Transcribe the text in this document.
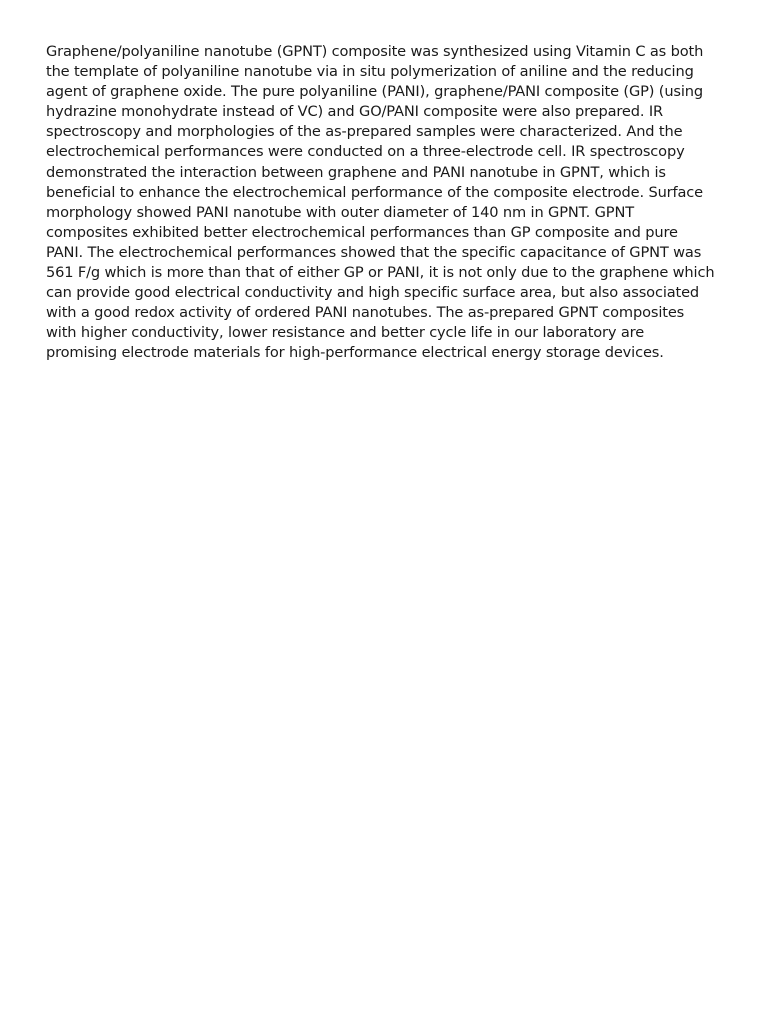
Graphene/polyaniline nanotube (GPNT) composite was synthesized using Vitamin C as both
the template of polyaniline nanotube via in situ polymerization of aniline and the reducing
agent of graphene oxide. The pure polyaniline (PANI), graphene/PANI composite (GP) (using
hydrazine monohydrate instead of VC) and GO/PANI composite were also prepared. IR
spectroscopy and morphologies of the as-prepared samples were characterized. And the
electrochemical performances were conducted on a three-electrode cell. IR spectroscopy
demonstrated the interaction between graphene and PANI nanotube in GPNT, which is
beneficial to enhance the electrochemical performance of the composite electrode. Surface
morphology showed PANI nanotube with outer diameter of 140 nm in GPNT. GPNT
composites exhibited better electrochemical performances than GP composite and pure
PANI. The electrochemical performances showed that the specific capacitance of GPNT was
561 F/g which is more than that of either GP or PANI, it is not only due to the graphene which
can provide good electrical conductivity and high specific surface area, but also associated
with a good redox activity of ordered PANI nanotubes. The as-prepared GPNT composites
with higher conductivity, lower resistance and better cycle life in our laboratory are
promising electrode materials for high-performance electrical energy storage devices.
